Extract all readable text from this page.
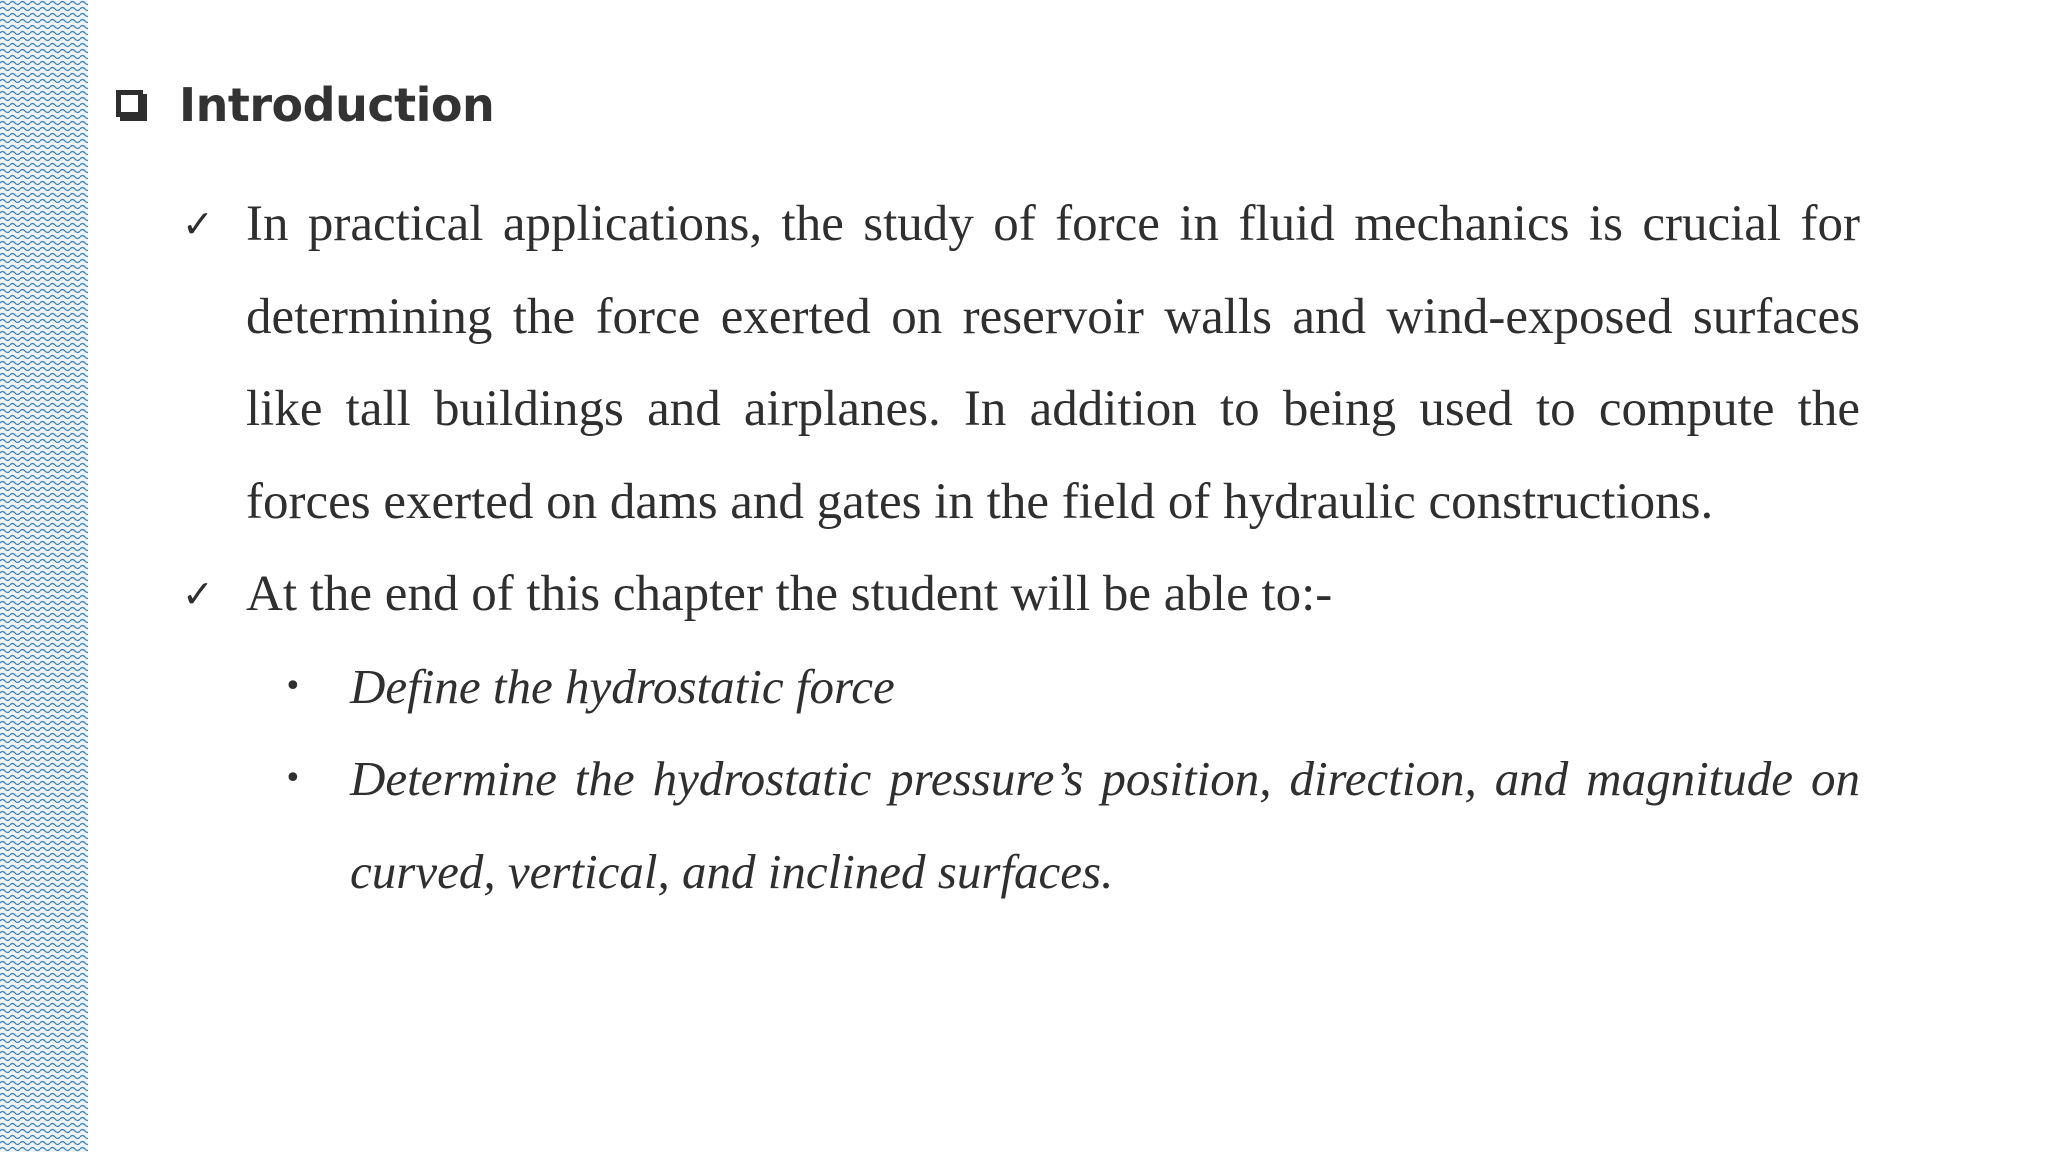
Introduction
✓ In practical applications, the study of force in fluid mechanics is crucial for determining the force exerted on reservoir walls and wind-exposed surfaces like tall buildings and airplanes. In addition to being used to compute the forces exerted on dams and gates in the field of hydraulic constructions.
✓ At the end of this chapter the student will be able to:-
• Define the hydrostatic force
• Determine the hydrostatic pressure’s position, direction, and magnitude on curved, vertical, and inclined surfaces.
